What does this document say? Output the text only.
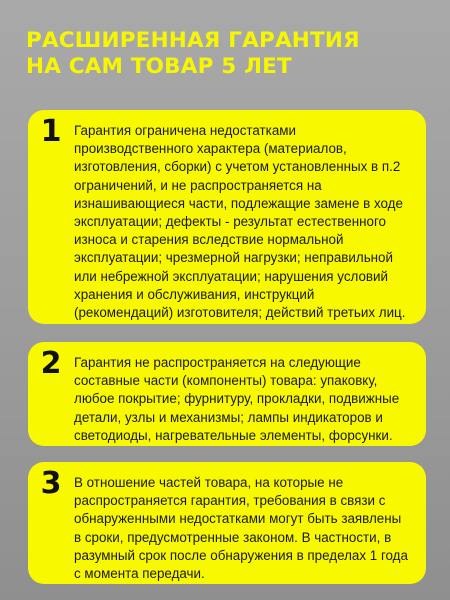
РАСШИРЕННАЯ ГАРАНТИЯ
НА САМ ТОВАР 5 ЛЕТ
1 Гарантия ограничена недостатками
производственного характера (материалов,
изготовления, сборки) с учетом установленных в п.2
ограничений, и не распространяется на
изнашивающиеся части, подлежащие замене в ходе
эксплуатации; дефекты - результат естественного
износа и старения вследствие нормальной
эксплуатации; чрезмерной нагрузки; неправильной
или небрежной эксплуатации; нарушения условий
хранения и обслуживания, инструкций
(рекомендаций) изготовителя; действий третьих лиц.

2 Гарантия не распространяется на следующие
составные части (компоненты) товара: упаковку,
любое покрытие; фурнитуру, прокладки, подвижные
детали, узлы и механизмы; лампы индикаторов и
светодиоды, нагревательные элементы, форсунки.

3 В отношение частей товара, на которые не
распространяется гарантия, требования в связи с
обнаруженными недостатками могут быть заявлены
в сроки, предусмотренные законом. В частности, в
разумный срок после обнаружения в пределах 1 года
с момента передачи.
